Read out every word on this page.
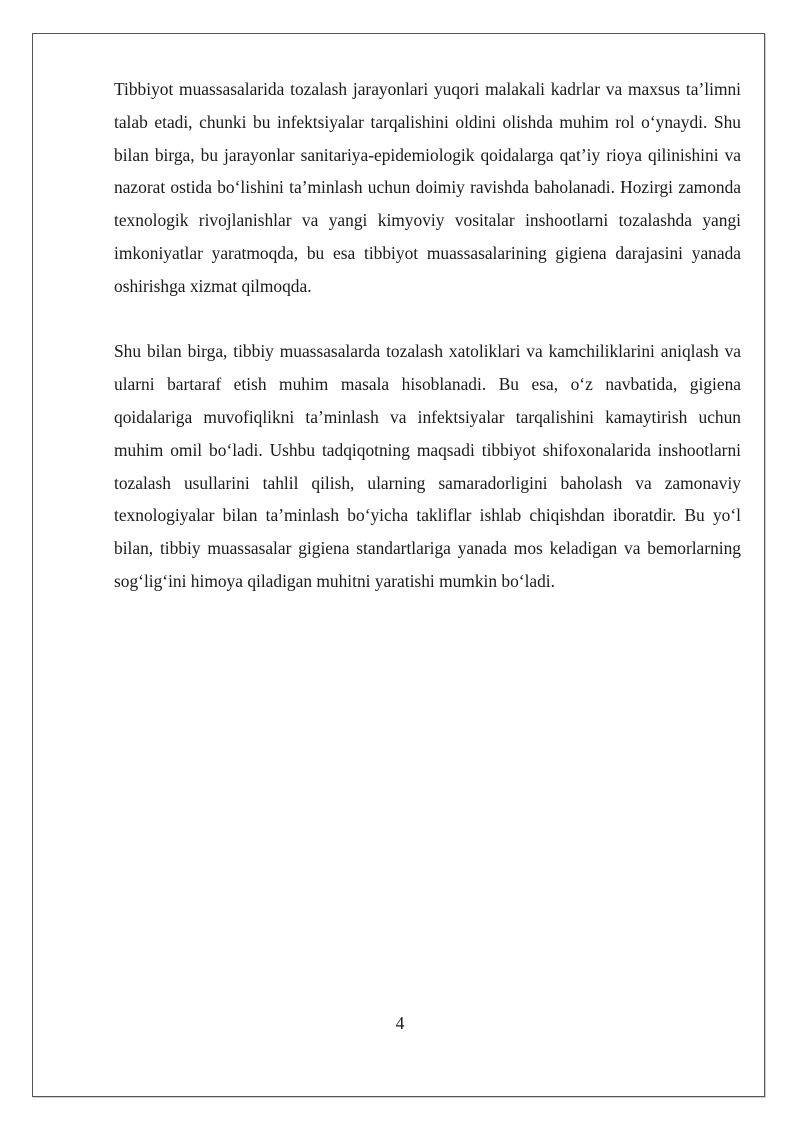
Tibbiyot muassasalarida tozalash jarayonlari yuqori malakali kadrlar va maxsus ta’limni talab etadi, chunki bu infektsiyalar tarqalishini oldini olishda muhim rol o‘ynaydi. Shu bilan birga, bu jarayonlar sanitariya-epidemiologik qoidalarga qat’iy rioya qilinishini va nazorat ostida bo‘lishini ta’minlash uchun doimiy ravishda baholanadi. Hozirgi zamonda texnologik rivojlanishlar va yangi kimyoviy vositalar inshootlarni tozalashda yangi imkoniyatlar yaratmoqda, bu esa tibbiyot muassasalarining gigiena darajasini yanada oshirishga xizmat qilmoqda.

Shu bilan birga, tibbiy muassasalarda tozalash xatoliklari va kamchiliklarini aniqlash va ularni bartaraf etish muhim masala hisoblanadi. Bu esa, o‘z navbatida, gigiena qoidalariga muvofiqlikni ta’minlash va infektsiyalar tarqalishini kamaytirish uchun muhim omil bo‘ladi. Ushbu tadqiqotning maqsadi tibbiyot shifoxonalarida inshootlarni tozalash usullarini tahlil qilish, ularning samaradorligini baholash va zamonaviy texnologiyalar bilan ta’minlash bo‘yicha takliflar ishlab chiqishdan iboratdir. Bu yo‘l bilan, tibbiy muassasalar gigiena standartlariga yanada mos keladigan va bemorlarning sog‘lig‘ini himoya qiladigan muhitni yaratishi mumkin bo‘ladi.

4
